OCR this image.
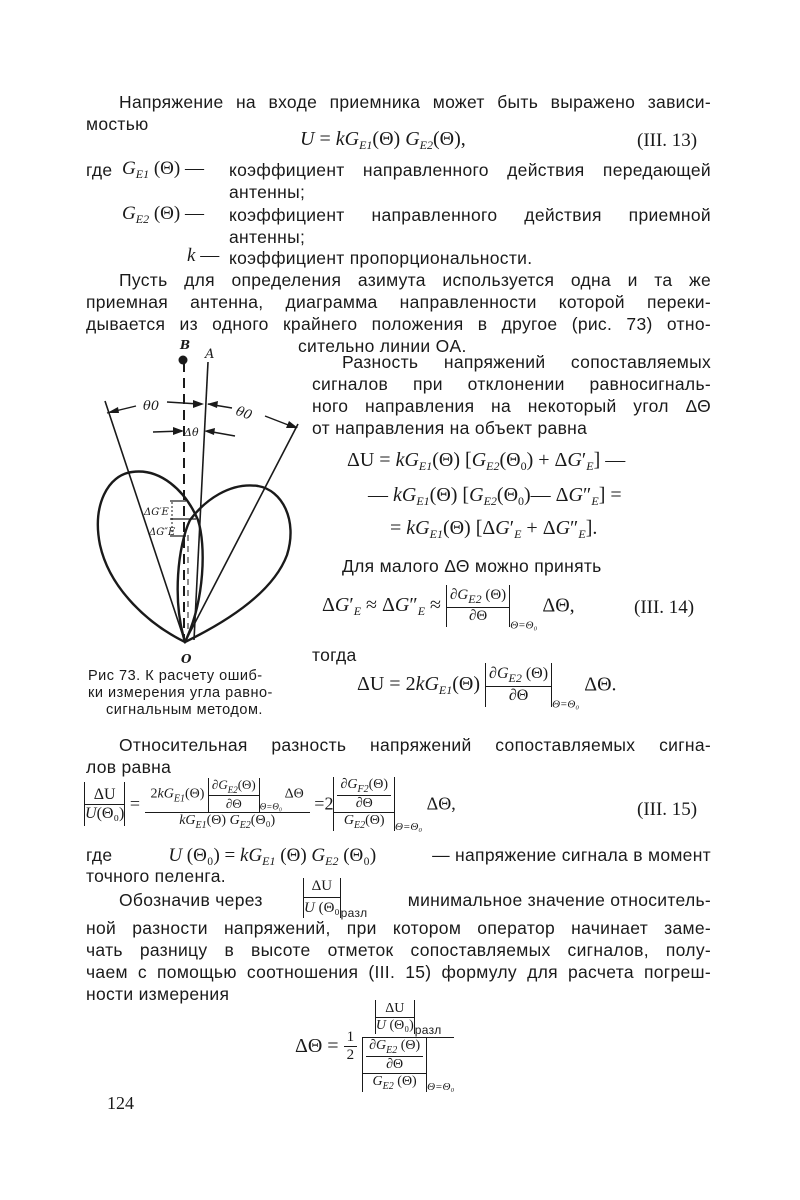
Напряжение на входе приемника может быть выражено зависи-
мостью
$U = kG_{E1}(\Theta)$ $G_{E2}(\Theta)$,	(III. 13)
где $G_{E1}$ (Θ) — коэффициент направленного действия передающей
антенны;
$G_{E2}$ (Θ) — коэффициент направленного действия приемной
антенны;
k — коэффициент пропорциональности.
Пусть для определения азимута используется одна и та же
приемная антенна, диаграмма направленности которой переки-
дывается из одного крайнего положения в другое (рис. 73) отно-
сительно линии OA.
Разность напряжений сопоставляемых
сигналов при отклонении равносигналь-
ного направления на некоторый угол ΔΘ
от направления на объект равна
$\Delta U = kG_{E1}(\Theta) [G_{E2}(\Theta_0) + \Delta G'_E]$ —
— $kG_{E1}(\Theta)$ [$G_{E2}(\Theta_0)—$ $\Delta G''_E$] =
= $kG_{E1}(\Theta) [\Delta G'_E + \Delta G''_E]$.
Для малого ΔΘ можно принять
$\Delta G'_E \approx \Delta G''_E \approx \frac{\partial G_{E2} (\Theta)}{\partial\Theta}$
$_{\Theta=\Theta_0}$ ΔΘ,	(III. 14)
тогда
$\Delta U = 2kG_{E1}(\Theta) \frac{\partial G_{E2} (\Theta)}{\partial\Theta} _{\Theta=\Theta_0}$ ΔΘ.
B
A
θ0	θ0
Δθ
ΔG′E
ΔG″E
O
Рис 73. К расчету ошиб-
ки измерения угла равно-
сигнальным методом.
Относительная разность напряжений сопоставляемых сигна-
лов равна
$\frac{\Delta U}{\text{U(Θ₀)}} = \frac{2kG_{E1}(\Theta) \frac{\partial G_{E2}(\Theta)}{\partial\Theta} _{\Theta=\Theta_0} \Delta\Theta}{kG_{E1}(\Theta) G_{E2}(\Theta_0)} =2 \frac{\frac{\partial G_{F2}(\Theta)}{\partial\Theta}}{G_{E2}(\Theta)} _{\Theta=\Theta_0}$ ΔΘ,	(III. 15)
где	U $(\Theta_0) = kG_{E1}$ (Θ) $G_{E2}$ (Θ₀)	— напряжение сигнала в момент
точного пеленга.
Обозначив через	$\frac{\Delta U}{\text{U (Θ₀}} _{разл}$
минимальное значение относитель-
ной разности напряжений, при котором оператор начинает заме-
чать разницу в высоте отметок сопоставляемых сигналов, полу-
чаем с помощью соотношения (III. 15) формулу для расчета погреш-
ности измерения
$\Delta\Theta = \frac{1}{2}$
$\frac{\frac{\Delta U}{\text{U (Θ₀)}} разл}{\frac{\frac{\partial G_{E2} (\Theta)}{\partial\Theta}}{G_{E2} (\Theta)} _{\Theta=\Theta_0}}$
124
